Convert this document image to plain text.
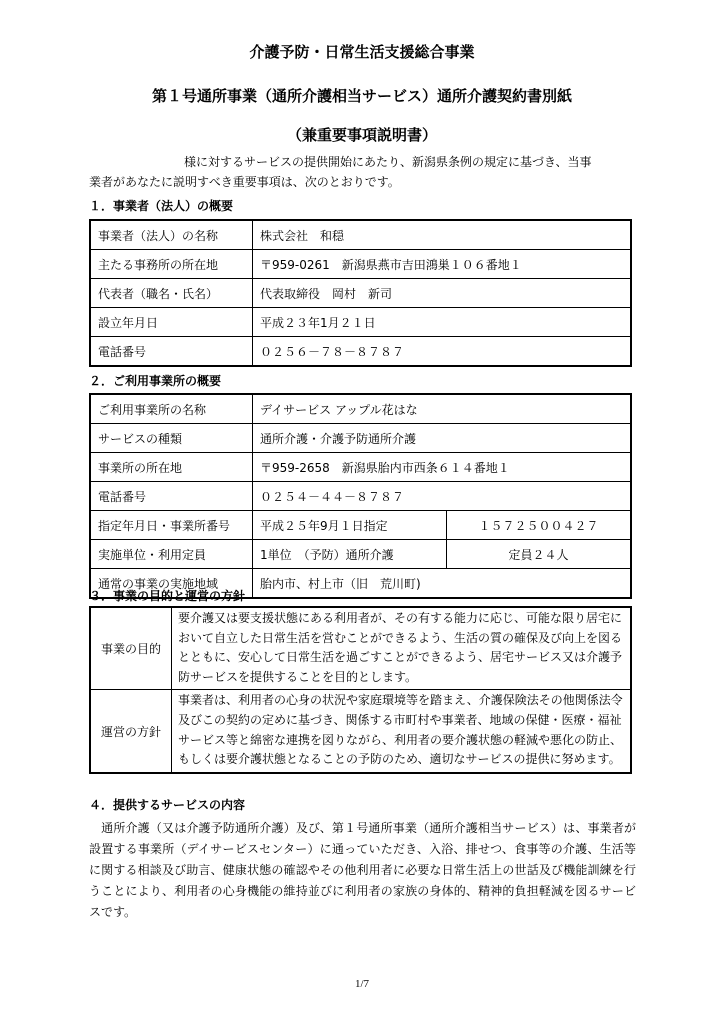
介護予防・日常生活支援総合事業
第１号通所事業（通所介護相当サービス）通所介護契約書別紙
（兼重要事項説明書）
様に対するサービスの提供開始にあたり、新潟県条例の規定に基づき、当事
業者があなたに説明すべき重要事項は、次のとおりです。
１．事業者（法人）の概要
事業者（法人）の名称	株式会社　和穏
主たる事務所の所在地	〒959-0261　新潟県燕市吉田鴻巣１０６番地１
代表者（職名・氏名）	代表取締役　岡村　新司
設立年月日	平成２３年1月２１日
電話番号	０２５６－７８－８７８７
２．ご利用事業所の概要
ご利用事業所の名称	デイサービス アップル花はな	
サービスの種類	通所介護・介護予防通所介護	
事業所の所在地	〒959-2658　新潟県胎内市西条６１４番地１	
電話番号	０２５４－４４－８７８７	
指定年月日・事業所番号	平成２５年9月１日指定	１５７２５００４２７
実施単位・利用定員	1単位　（予防）通所介護	定員２４人
通常の事業の実施地域	胎内市、村上市（旧　荒川町)	
３．事業の目的と運営の方針
事業の目的	要介護又は要支援状態にある利用者が、その有する能力に応じ、可能な限り居宅において自立した日常生活を営むことができるよう、生活の質の確保及び向上を図るとともに、安心して日常生活を過ごすことができるよう、居宅サービス又は介護予防サービスを提供することを目的とします。
運営の方針	事業者は、利用者の心身の状況や家庭環境等を踏まえ、介護保険法その他関係法令及びこの契約の定めに基づき、関係する市町村や事業者、地域の保健・医療・福祉サービス等と綿密な連携を図りながら、利用者の要介護状態の軽減や悪化の防止、もしくは要介護状態となることの予防のため、適切なサービスの提供に努めます。
４．提供するサービスの内容
　通所介護（又は介護予防通所介護）及び、第１号通所事業（通所介護相当サービス）は、事業者が設置する事業所（デイサービスセンター）に通っていただき、入浴、排せつ、食事等の介護、生活等に関する相談及び助言、健康状態の確認やその他利用者に必要な日常生活上の世話及び機能訓練を行うことにより、利用者の心身機能の維持並びに利用者の家族の身体的、精神的負担軽減を図るサービスです。
1/7
